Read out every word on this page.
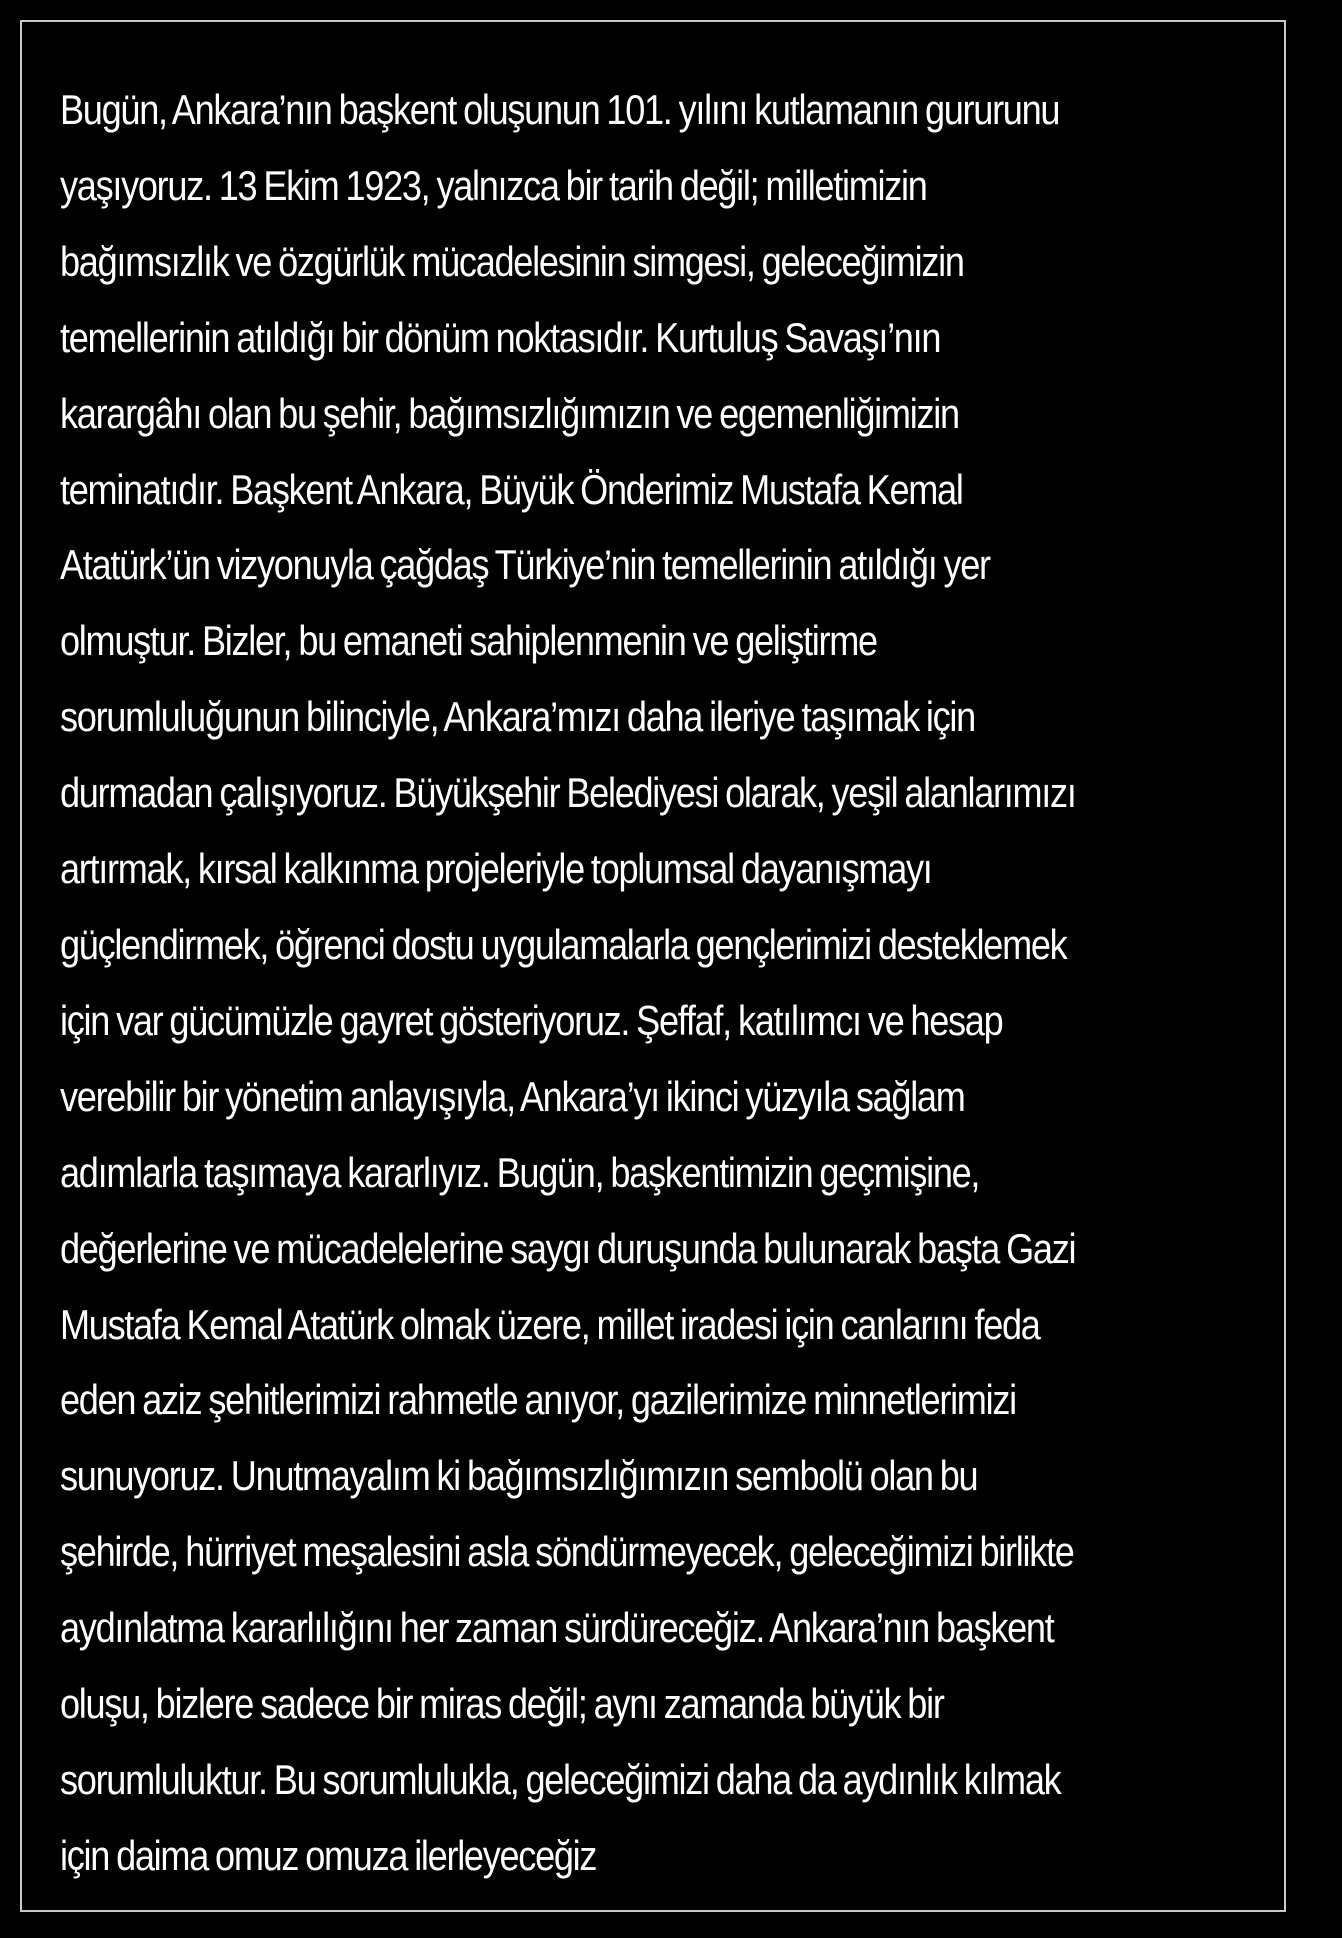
Bugün, Ankara’nın başkent oluşunun 101. yılını kutlamanın gururunu
yaşıyoruz. 13 Ekim 1923, yalnızca bir tarih değil; milletimizin
bağımsızlık ve özgürlük mücadelesinin simgesi, geleceğimizin
temellerinin atıldığı bir dönüm noktasıdır. Kurtuluş Savaşı’nın
karargâhı olan bu şehir, bağımsızlığımızın ve egemenliğimizin
teminatıdır. Başkent Ankara, Büyük Önderimiz Mustafa Kemal
Atatürk’ün vizyonuyla çağdaş Türkiye’nin temellerinin atıldığı yer
olmuştur. Bizler, bu emaneti sahiplenmenin ve geliştirme
sorumluluğunun bilinciyle, Ankara’mızı daha ileriye taşımak için
durmadan çalışıyoruz. Büyükşehir Belediyesi olarak, yeşil alanlarımızı
artırmak, kırsal kalkınma projeleriyle toplumsal dayanışmayı
güçlendirmek, öğrenci dostu uygulamalarla gençlerimizi desteklemek
için var gücümüzle gayret gösteriyoruz. Şeffaf, katılımcı ve hesap
verebilir bir yönetim anlayışıyla, Ankara’yı ikinci yüzyıla sağlam
adımlarla taşımaya kararlıyız. Bugün, başkentimizin geçmişine,
değerlerine ve mücadelelerine saygı duruşunda bulunarak başta Gazi
Mustafa Kemal Atatürk olmak üzere, millet iradesi için canlarını feda
eden aziz şehitlerimizi rahmetle anıyor, gazilerimize minnetlerimizi
sunuyoruz. Unutmayalım ki bağımsızlığımızın sembolü olan bu
şehirde, hürriyet meşalesini asla söndürmeyecek, geleceğimizi birlikte
aydınlatma kararlılığını her zaman sürdüreceğiz. Ankara’nın başkent
oluşu, bizlere sadece bir miras değil; aynı zamanda büyük bir
sorumluluktur. Bu sorumlulukla, geleceğimizi daha da aydınlık kılmak
için daima omuz omuza ilerleyeceğiz
